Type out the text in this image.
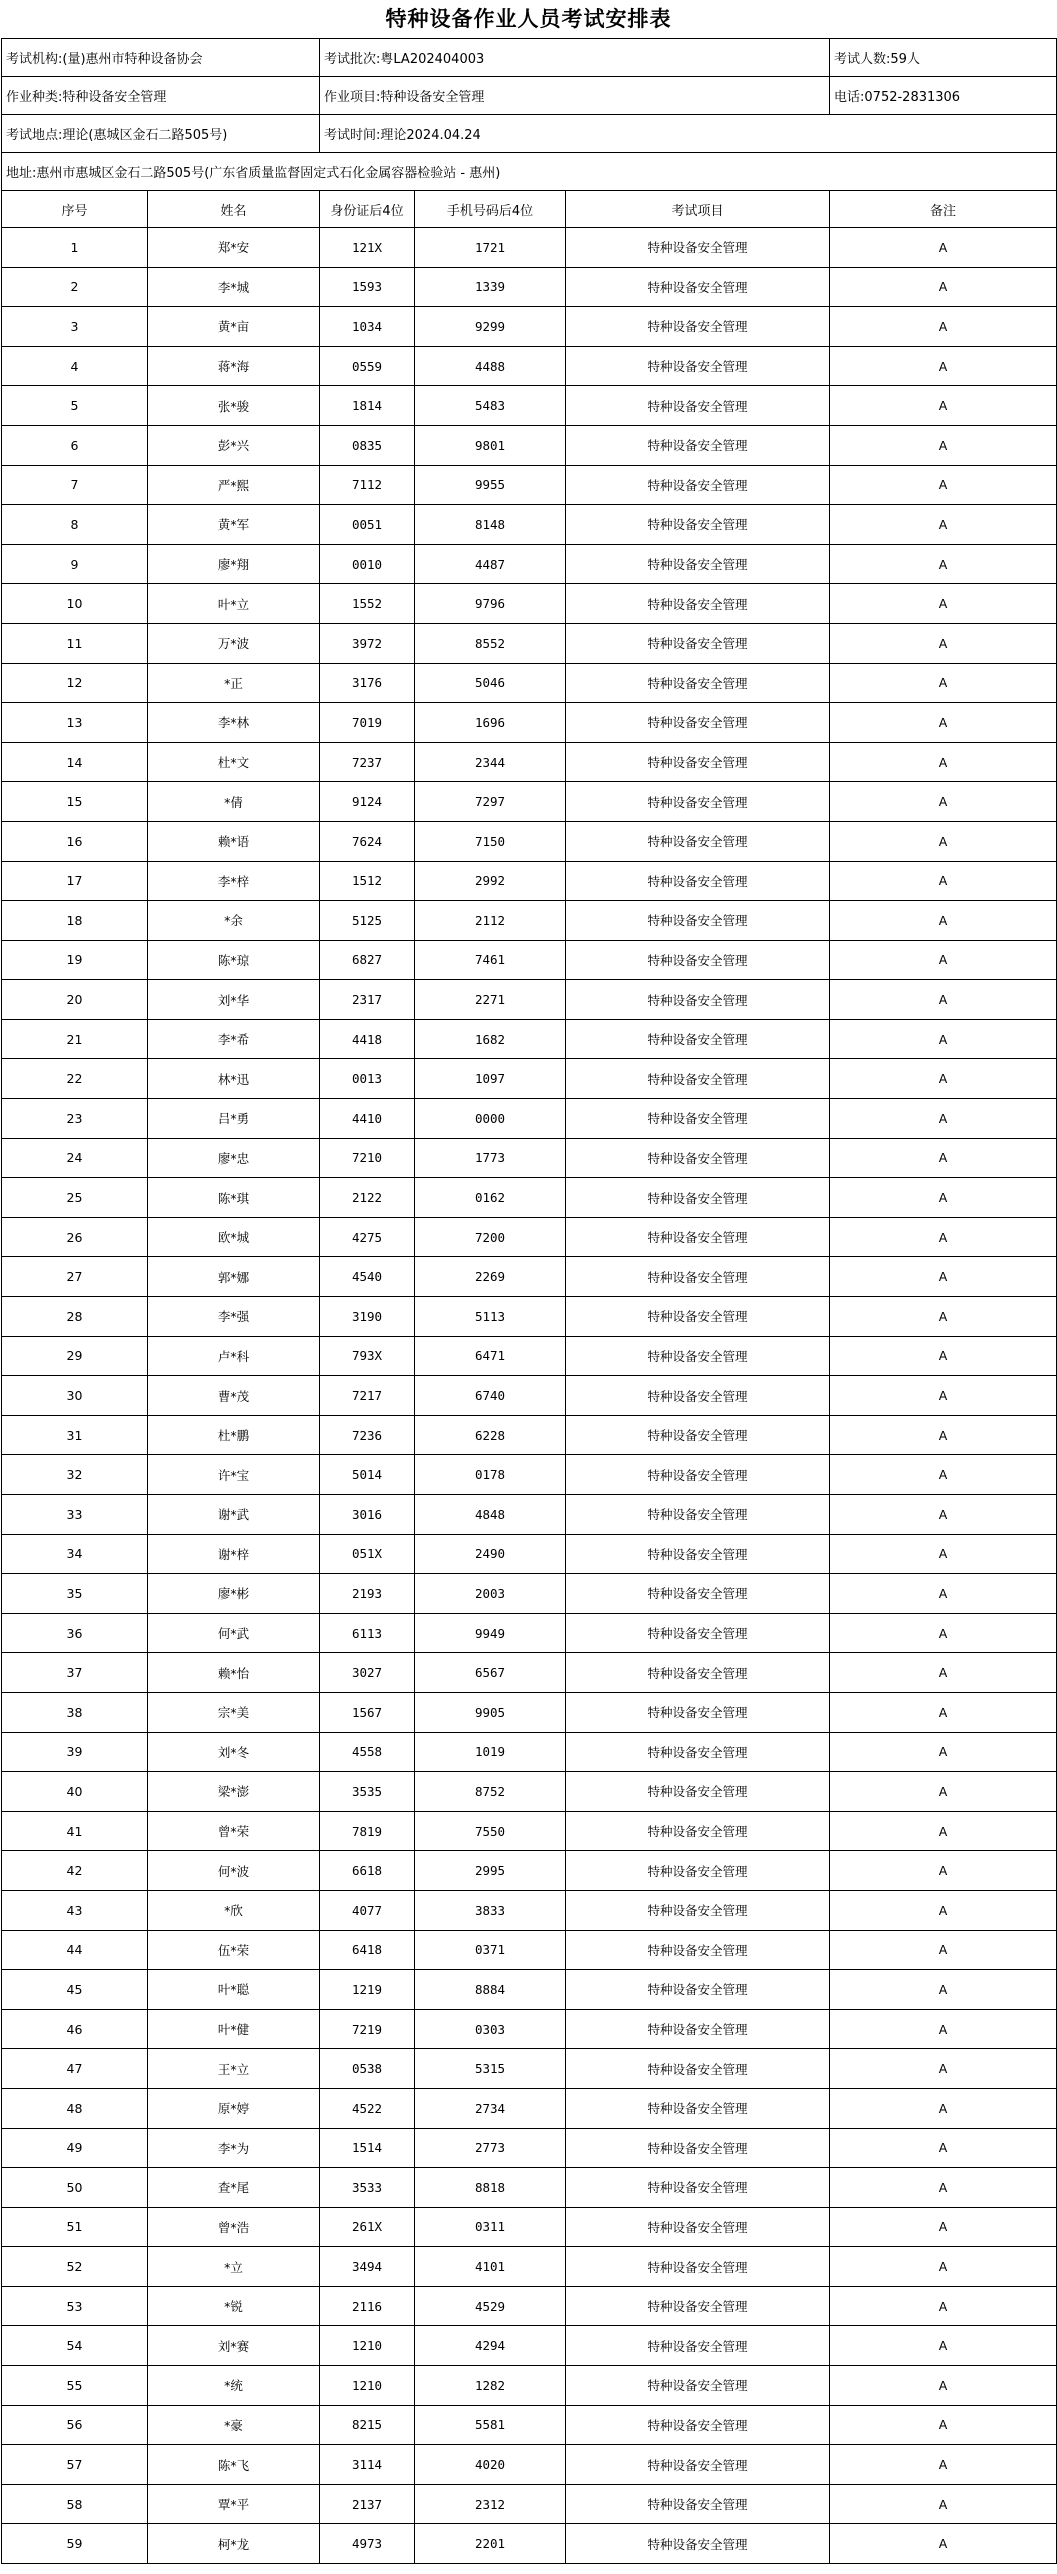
特种设备作业人员考试安排表
考试机构:(量)惠州市特种设备协会		考试批次:粤LA202404003			考试人数:59人
作业种类:特种设备安全管理		作业项目:特种设备安全管理			电话:0752-2831306
考试地点:理论(惠城区金石二路505号)		考试时间:理论2024.04.24			
地址:惠州市惠城区金石二路505号(广东省质量监督固定式石化金属容器检验站 - 惠州)					
序号	姓名	身份证后4位	手机号码后4位	考试项目	备注
1	郑*安	121X	1721	特种设备安全管理	A
2	李*城	1593	1339	特种设备安全管理	A
3	黄*亩	1034	9299	特种设备安全管理	A
4	蒋*海	0559	4488	特种设备安全管理	A
5	张*骏	1814	5483	特种设备安全管理	A
6	彭*兴	0835	9801	特种设备安全管理	A
7	严*熙	7112	9955	特种设备安全管理	A
8	黄*军	0051	8148	特种设备安全管理	A
9	廖*翔	0010	4487	特种设备安全管理	A
10	叶*立	1552	9796	特种设备安全管理	A
11	万*波	3972	8552	特种设备安全管理	A
12	*正	3176	5046	特种设备安全管理	A
13	李*林	7019	1696	特种设备安全管理	A
14	杜*文	7237	2344	特种设备安全管理	A
15	*倩	9124	7297	特种设备安全管理	A
16	赖*语	7624	7150	特种设备安全管理	A
17	李*梓	1512	2992	特种设备安全管理	A
18	*余	5125	2112	特种设备安全管理	A
19	陈*琼	6827	7461	特种设备安全管理	A
20	刘*华	2317	2271	特种设备安全管理	A
21	李*希	4418	1682	特种设备安全管理	A
22	林*迅	0013	1097	特种设备安全管理	A
23	吕*勇	4410	0000	特种设备安全管理	A
24	廖*忠	7210	1773	特种设备安全管理	A
25	陈*琪	2122	0162	特种设备安全管理	A
26	欧*城	4275	7200	特种设备安全管理	A
27	郭*娜	4540	2269	特种设备安全管理	A
28	李*强	3190	5113	特种设备安全管理	A
29	卢*科	793X	6471	特种设备安全管理	A
30	曹*茂	7217	6740	特种设备安全管理	A
31	杜*鹏	7236	6228	特种设备安全管理	A
32	许*宝	5014	0178	特种设备安全管理	A
33	谢*武	3016	4848	特种设备安全管理	A
34	谢*梓	051X	2490	特种设备安全管理	A
35	廖*彬	2193	2003	特种设备安全管理	A
36	何*武	6113	9949	特种设备安全管理	A
37	赖*怡	3027	6567	特种设备安全管理	A
38	宗*美	1567	9905	特种设备安全管理	A
39	刘*冬	4558	1019	特种设备安全管理	A
40	梁*澎	3535	8752	特种设备安全管理	A
41	曾*荣	7819	7550	特种设备安全管理	A
42	何*波	6618	2995	特种设备安全管理	A
43	*欣	4077	3833	特种设备安全管理	A
44	伍*荣	6418	0371	特种设备安全管理	A
45	叶*聪	1219	8884	特种设备安全管理	A
46	叶*健	7219	0303	特种设备安全管理	A
47	王*立	0538	5315	特种设备安全管理	A
48	原*婷	4522	2734	特种设备安全管理	A
49	李*为	1514	2773	特种设备安全管理	A
50	查*尾	3533	8818	特种设备安全管理	A
51	曾*浩	261X	0311	特种设备安全管理	A
52	*立	3494	4101	特种设备安全管理	A
53	*锐	2116	4529	特种设备安全管理	A
54	刘*赛	1210	4294	特种设备安全管理	A
55	*统	1210	1282	特种设备安全管理	A
56	*豪	8215	5581	特种设备安全管理	A
57	陈*飞	3114	4020	特种设备安全管理	A
58	覃*平	2137	2312	特种设备安全管理	A
59	柯*龙	4973	2201	特种设备安全管理	A
